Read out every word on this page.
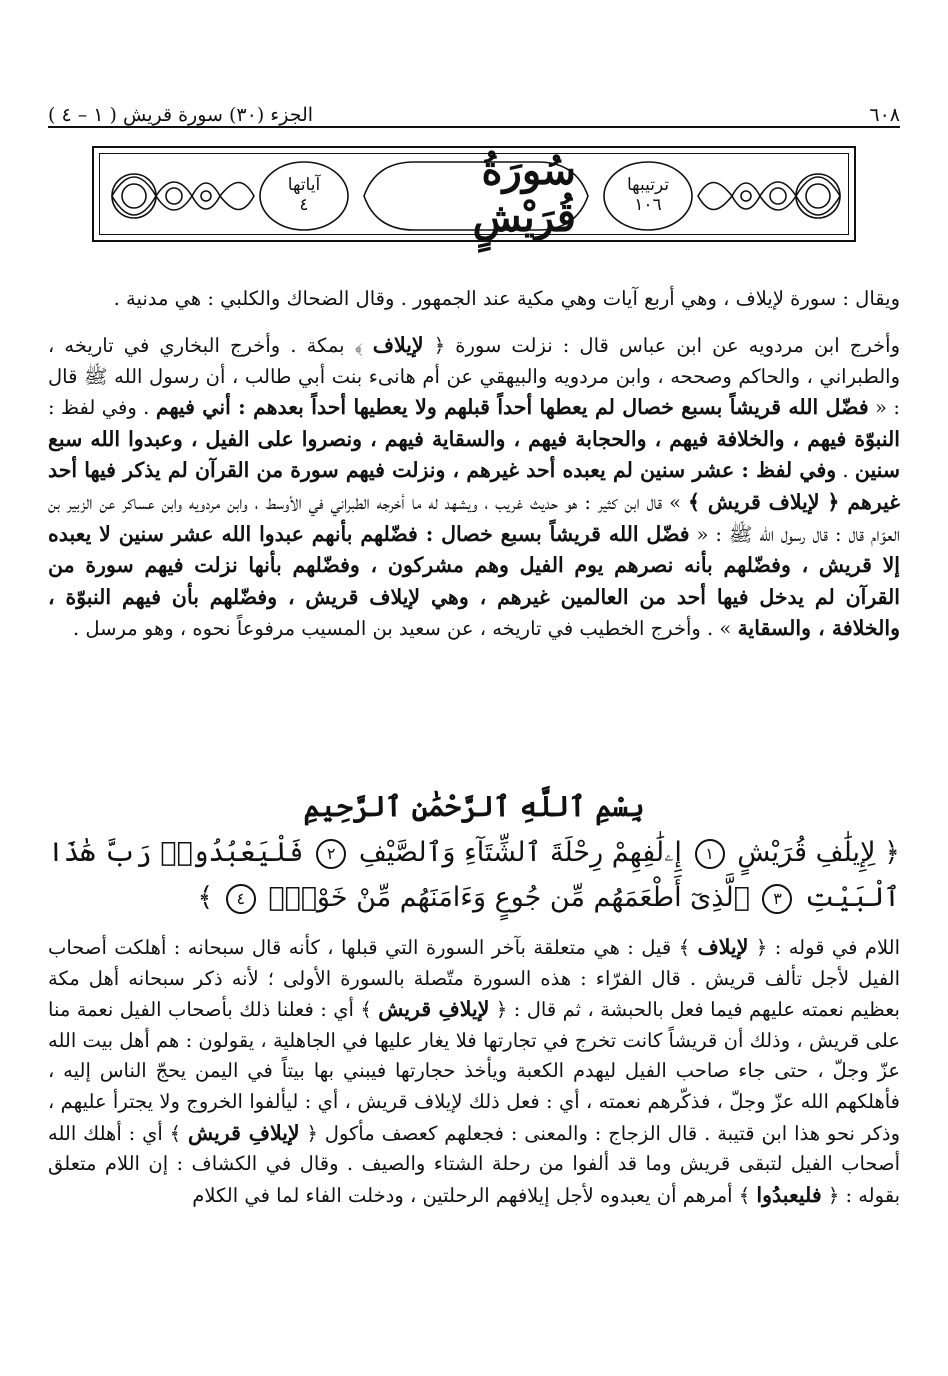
٦٠٨
الجزء (٣٠) سورة قريش ( ١ – ٤ )
آياتها
٤
ترتيبها
١٠٦
سُورَةُ قُرَيْشٍ
ويقال : سورة لإيلاف ، وهي أربع آيات وهي مكية عند الجمهور . وقال الضحاك والكلبي : هي مدنية .
وأخرج ابن مردويه عن ابن عباس قال : نزلت سورة ﴿ لإيلاف ﴾ بمكة . وأخرج البخاري في تاريخه ، والطبراني ، والحاكم وصححه ، وابن مردويه والبيهقي عن أم هانىء بنت أبي طالب ، أن رسول الله ﷺ قال : « فضّل الله قريشاً بسبع خصال لم يعطها أحداً قبلهم ولا يعطيها أحداً بعدهم : أني فيهم . وفي لفظ : النبوّة فيهم ، والخلافة فيهم ، والحجابة فيهم ، والسقاية فيهم ، ونصروا على الفيل ، وعبدوا الله سبع سنين . وفي لفظ : عشر سنين لم يعبده أحد غيرهم ، ونزلت فيهم سورة من القرآن لم يذكر فيها أحد غيرهم ﴿ لإيلاف قريش ﴾ » قال ابن كثير : هو حديث غريب ، ويشهد له ما أخرجه الطبراني في الأوسط ، وابن مردويه وابن عساكر عن الزبير بن العوّام قال : قال رسول الله ﷺ : « فضّل الله قريشاً بسبع خصال : فضّلهم بأنهم عبدوا الله عشر سنين لا يعبده إلا قريش ، وفضّلهم بأنه نصرهم يوم الفيل وهم مشركون ، وفضّلهم بأنها نزلت فيهم سورة من القرآن لم يدخل فيها أحد من العالمين غيرهم ، وهي لإيلاف قريش ، وفضّلهم بأن فيهم النبوّة ، والخلافة ، والسقاية » . وأخرج الخطيب في تاريخه ، عن سعيد بن المسيب مرفوعاً نحوه ، وهو مرسل .
بِسْمِ ٱللَّهِ ٱلرَّحْمَٰنِ ٱلرَّحِيمِ
﴿ لِإِيلَٰفِ قُرَيْشٍ ١ إِۦلَٰفِهِمْ رِحْلَةَ ٱلشِّتَآءِ وَٱلصَّيْفِ ٢ فَلْيَعْبُدُوا۟ رَبَّ هَٰذَا ٱلْبَيْتِ ٣ ٱلَّذِىٓ أَطْعَمَهُم مِّن جُوعٍ وَءَامَنَهُم مِّنْ خَوْفٍۭ ٤ ﴾
اللام في قوله : ﴿ لإيلاف ﴾ قيل : هي متعلقة بآخر السورة التي قبلها ، كأنه قال سبحانه : أهلكت أصحاب الفيل لأجل تألف قريش . قال الفرّاء : هذه السورة متّصلة بالسورة الأولى ؛ لأنه ذكر سبحانه أهل مكة بعظيم نعمته عليهم فيما فعل بالحبشة ، ثم قال : ﴿ لإيلافِ قريش ﴾ أي : فعلنا ذلك بأصحاب الفيل نعمة منا على قريش ، وذلك أن قريشاً كانت تخرج في تجارتها فلا يغار عليها في الجاهلية ، يقولون : هم أهل بيت الله عزّ وجلّ ، حتى جاء صاحب الفيل ليهدم الكعبة ويأخذ حجارتها فيبني بها بيتاً في اليمن يحجّ الناس إليه ، فأهلكهم الله عزّ وجلّ ، فذكّرهم نعمته ، أي : فعل ذلك لإيلاف قريش ، أي : ليألفوا الخروج ولا يجترأ عليهم ، وذكر نحو هذا ابن قتيبة . قال الزجاج : والمعنى : فجعلهم كعصف مأكول ﴿ لإيلافِ قريش ﴾ أي : أهلك الله أصحاب الفيل لتبقى قريش وما قد ألفوا من رحلة الشتاء والصيف . وقال في الكشاف : إن اللام متعلق بقوله : ﴿ فليعبدُوا ﴾ أمرهم أن يعبدوه لأجل إيلافهم الرحلتين ، ودخلت الفاء لما في الكلام
